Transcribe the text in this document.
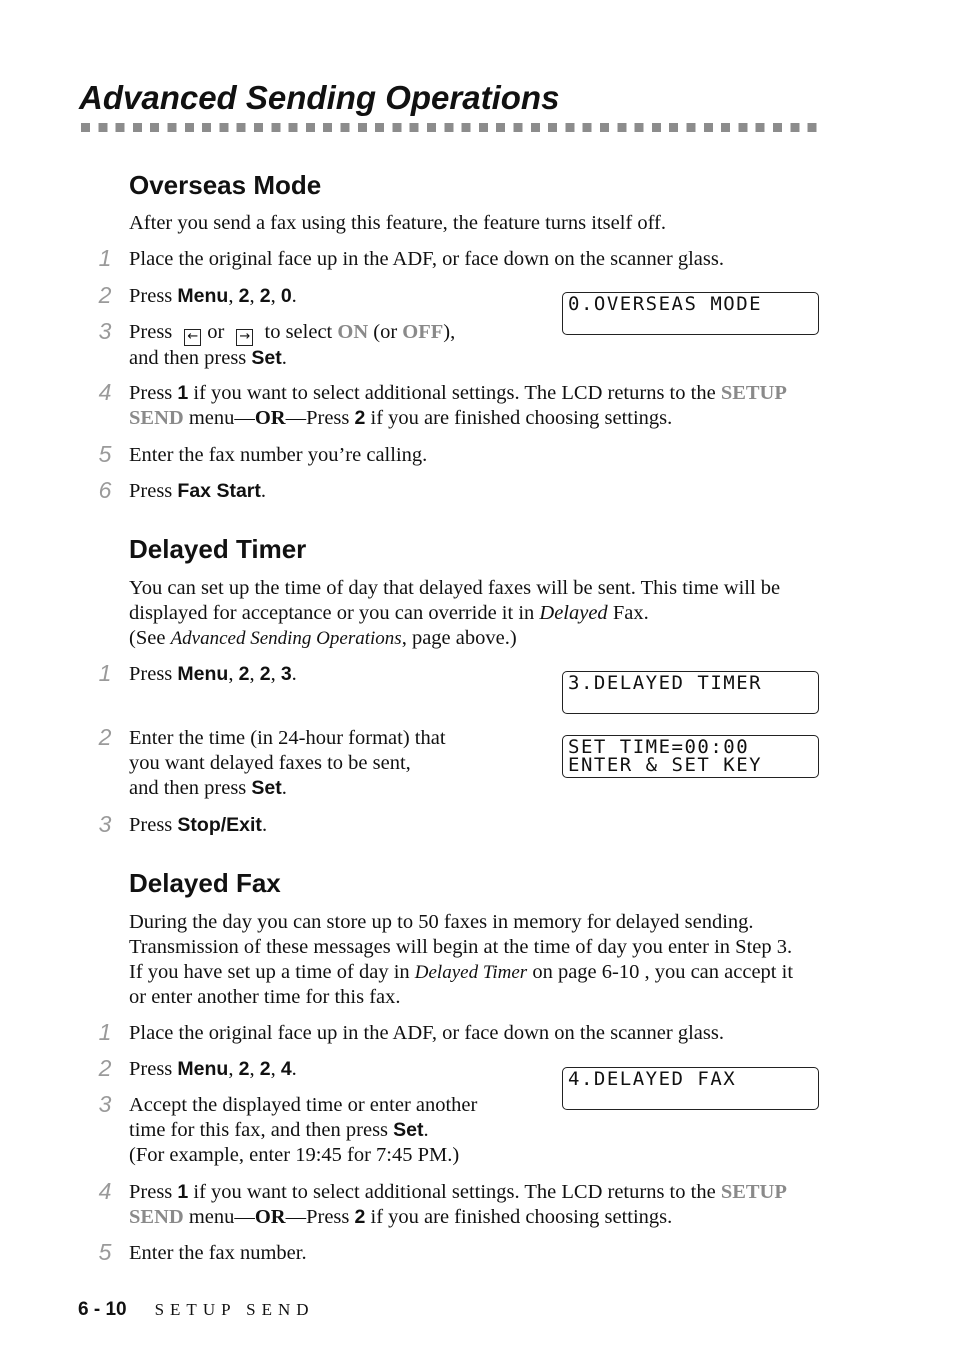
Advanced Sending Operations
Overseas Mode
After you send a fax using this feature, the feature turns itself off.
1 Place the original face up in the ADF, or face down on the scanner glass.
2 Press Menu, 2, 2, 0.	0.OVERSEAS MODE
3 Press ← or → to select ON (or OFF),
and then press Set.
4 Press 1 if you want to select additional settings. The LCD returns to the SETUP
SEND menu—OR—Press 2 if you are finished choosing settings.
5 Enter the fax number you’re calling.
6 Press Fax Start.
Delayed Timer
You can set up the time of day that delayed faxes will be sent. This time will be
displayed for acceptance or you can override it in Delayed Fax.
(See Advanced Sending Operations, page above.)
1 Press Menu, 2, 2, 3.	3.DELAYED TIMER
2 Enter the time (in 24-hour format) that
you want delayed faxes to be sent,
and then press Set.
SET TIME=00:00
ENTER & SET KEY
3 Press Stop/Exit.
Delayed Fax
During the day you can store up to 50 faxes in memory for delayed sending.
Transmission of these messages will begin at the time of day you enter in Step 3.
If you have set up a time of day in Delayed Timer on page 6-10 , you can accept it
or enter another time for this fax.
1 Place the original face up in the ADF, or face down on the scanner glass.
2 Press Menu, 2, 2, 4.	4.DELAYED FAX
3 Accept the displayed time or enter another
time for this fax, and then press Set.
(For example, enter 19:45 for 7:45 PM.)
4 Press 1 if you want to select additional settings. The LCD returns to the SETUP
SEND menu—OR—Press 2 if you are finished choosing settings.
5 Enter the fax number.
6 - 10 SETUP SEND
